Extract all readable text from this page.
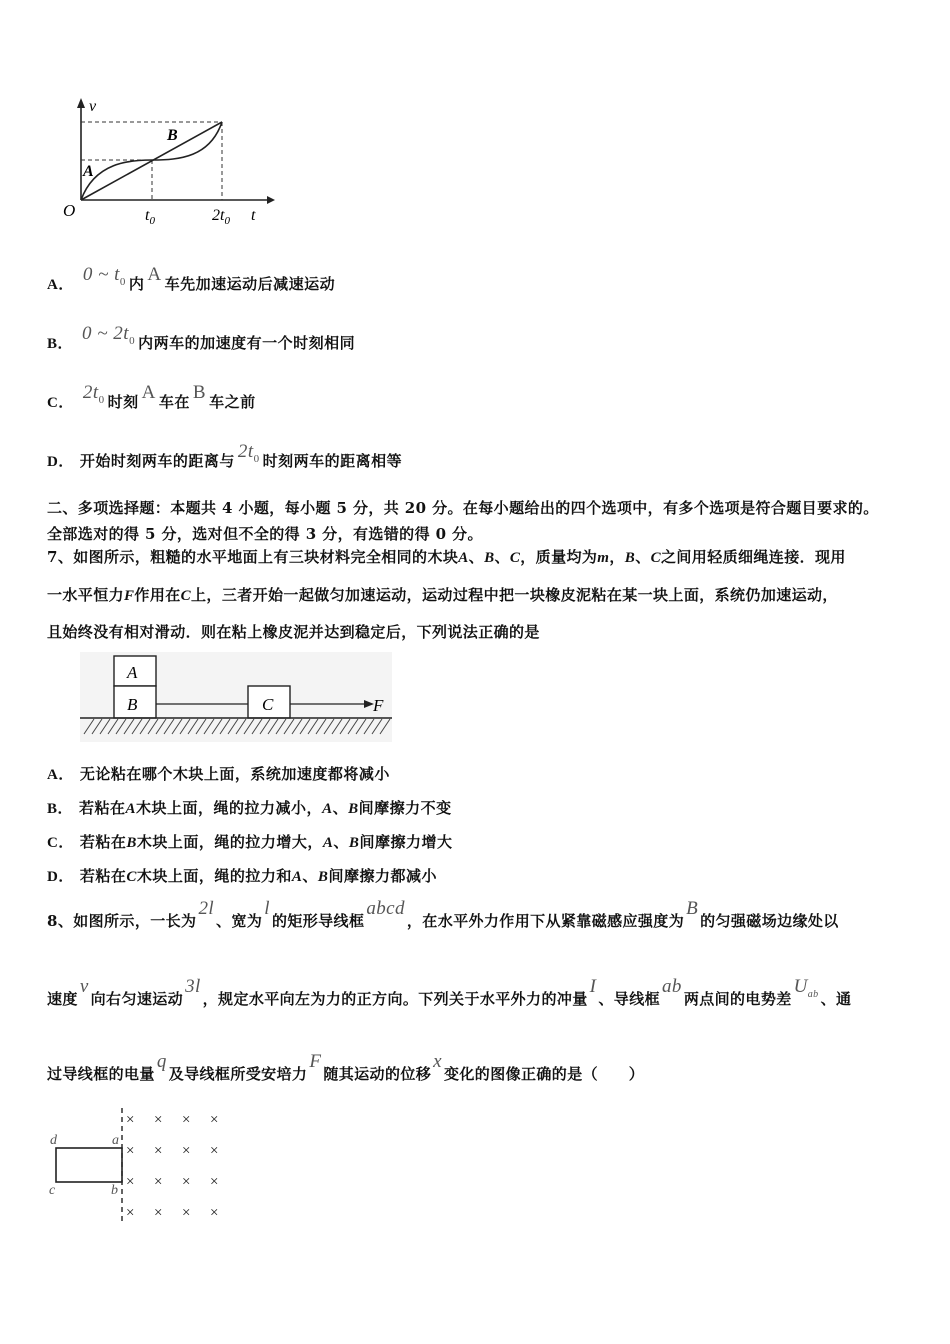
v
t
O
A
B
$t_0$	$2t_0$
A． 0 ~ $t_0$ 内 A 车先加速运动后减速运动
B． 0 ~ $2t_0$ 内两车的加速度有一个时刻相同
C． $2t_0$ 时刻 A 车在 B 车之前
D． 开始时刻两车的距离与 $2t_0$ 时刻两车的距离相等
二、多项选择题：本题共 4 小题，每小题 5 分，共 20 分。在每小题给出的四个选项中，有多个选项是符合题目要求的。
全部选对的得 5 分，选对但不全的得 3 分，有选错的得 0 分。
7、如图所示，粗糙的水平地面上有三块材料完全相同的木块A、B、C，质量均为m，B、C之间用轻质细绳连接．现用
一水平恒力F作用在C上，三者开始一起做匀加速运动，运动过程中把一块橡皮泥粘在某一块上面，系统仍加速运动，
且始终没有相对滑动．则在粘上橡皮泥并达到稳定后，下列说法正确的是
A
B	C	F
A． 无论粘在哪个木块上面，系统加速度都将减小
B． 若粘在A木块上面，绳的拉力减小，A、B间摩擦力不变
C． 若粘在B木块上面，绳的拉力增大，A、B间摩擦力增大
D． 若粘在C木块上面，绳的拉力和A、B间摩擦力都减小
8、如图所示，一长为2l、宽为l的矩形导线框abcd，在水平外力作用下从紧靠磁感应强度为B的匀强磁场边缘处以
速度v向右匀速运动3l，规定水平向左为力的正方向。下列关于水平外力的冲量I、导线框ab两点间的电势差$U_{ab}$ 、通
过导线框的电量q及导线框所受安培力F随其运动的位移x变化的图像正确的是（　　）
d	a
c	b
× × × ×
× × × ×
× × × ×
× × × ×
